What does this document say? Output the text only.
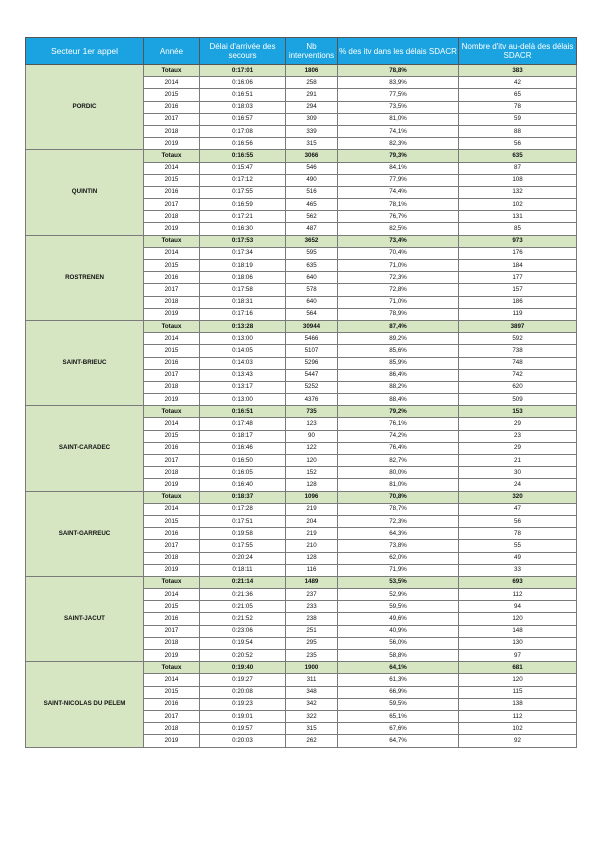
Secteur 1er appel	Année	Délai d'arrivée des secours	Nb interventions	% des itv dans les délais SDACR	Nombre d'itv au-delà des délais SDACR
PORDIC	Totaux	0:17:01	1806	78,8%	383
	2014	0:16:06	258	83,9%	42
	2015	0:16:51	291	77,5%	65
	2016	0:18:03	294	73,5%	78
	2017	0:16:57	309	81,0%	59
	2018	0:17:08	339	74,1%	88
	2019	0:16:56	315	82,3%	56
QUINTIN	Totaux	0:16:55	3066	79,3%	635
	2014	0:15:47	546	84,1%	87
	2015	0:17:12	490	77,9%	108
	2016	0:17:55	516	74,4%	132
	2017	0:16:59	465	78,1%	102
	2018	0:17:21	562	76,7%	131
	2019	0:16:30	487	82,5%	85
ROSTRENEN	Totaux	0:17:53	3652	73,4%	973
	2014	0:17:34	595	70,4%	176
	2015	0:18:19	635	71,0%	184
	2016	0:18:06	640	72,3%	177
	2017	0:17:58	578	72,8%	157
	2018	0:18:31	640	71,0%	186
	2019	0:17:16	564	78,9%	119
SAINT-BRIEUC	Totaux	0:13:28	30944	87,4%	3897
	2014	0:13:00	5466	89,2%	592
	2015	0:14:05	5107	85,6%	738
	2016	0:14:03	5296	85,9%	748
	2017	0:13:43	5447	86,4%	742
	2018	0:13:17	5252	88,2%	620
	2019	0:13:00	4376	88,4%	509
SAINT-CARADEC	Totaux	0:16:51	735	79,2%	153
	2014	0:17:48	123	76,1%	29
	2015	0:18:17	90	74,2%	23
	2016	0:16:46	122	76,4%	29
	2017	0:16:50	120	82,7%	21
	2018	0:16:05	152	80,0%	30
	2019	0:16:40	128	81,0%	24
SAINT-GARREUC	Totaux	0:18:37	1096	70,8%	320
	2014	0:17:28	219	78,7%	47
	2015	0:17:51	204	72,3%	56
	2016	0:19:58	219	64,3%	78
	2017	0:17:55	210	73,8%	55
	2018	0:20:24	128	62,0%	49
	2019	0:18:11	116	71,9%	33
SAINT-JACUT	Totaux	0:21:14	1489	53,5%	693
	2014	0:21:36	237	52,9%	112
	2015	0:21:05	233	59,5%	94
	2016	0:21:52	238	49,6%	120
	2017	0:23:06	251	40,9%	148
	2018	0:19:54	295	56,0%	130
	2019	0:20:52	235	58,8%	97
SAINT-NICOLAS DU PELEM	Totaux	0:19:40	1900	64,1%	681
	2014	0:19:27	311	61,3%	120
	2015	0:20:08	348	66,9%	115
	2016	0:19:23	342	59,5%	138
	2017	0:19:01	322	65,1%	112
	2018	0:19:57	315	67,6%	102
	2019	0:20:03	262	64,7%	92
